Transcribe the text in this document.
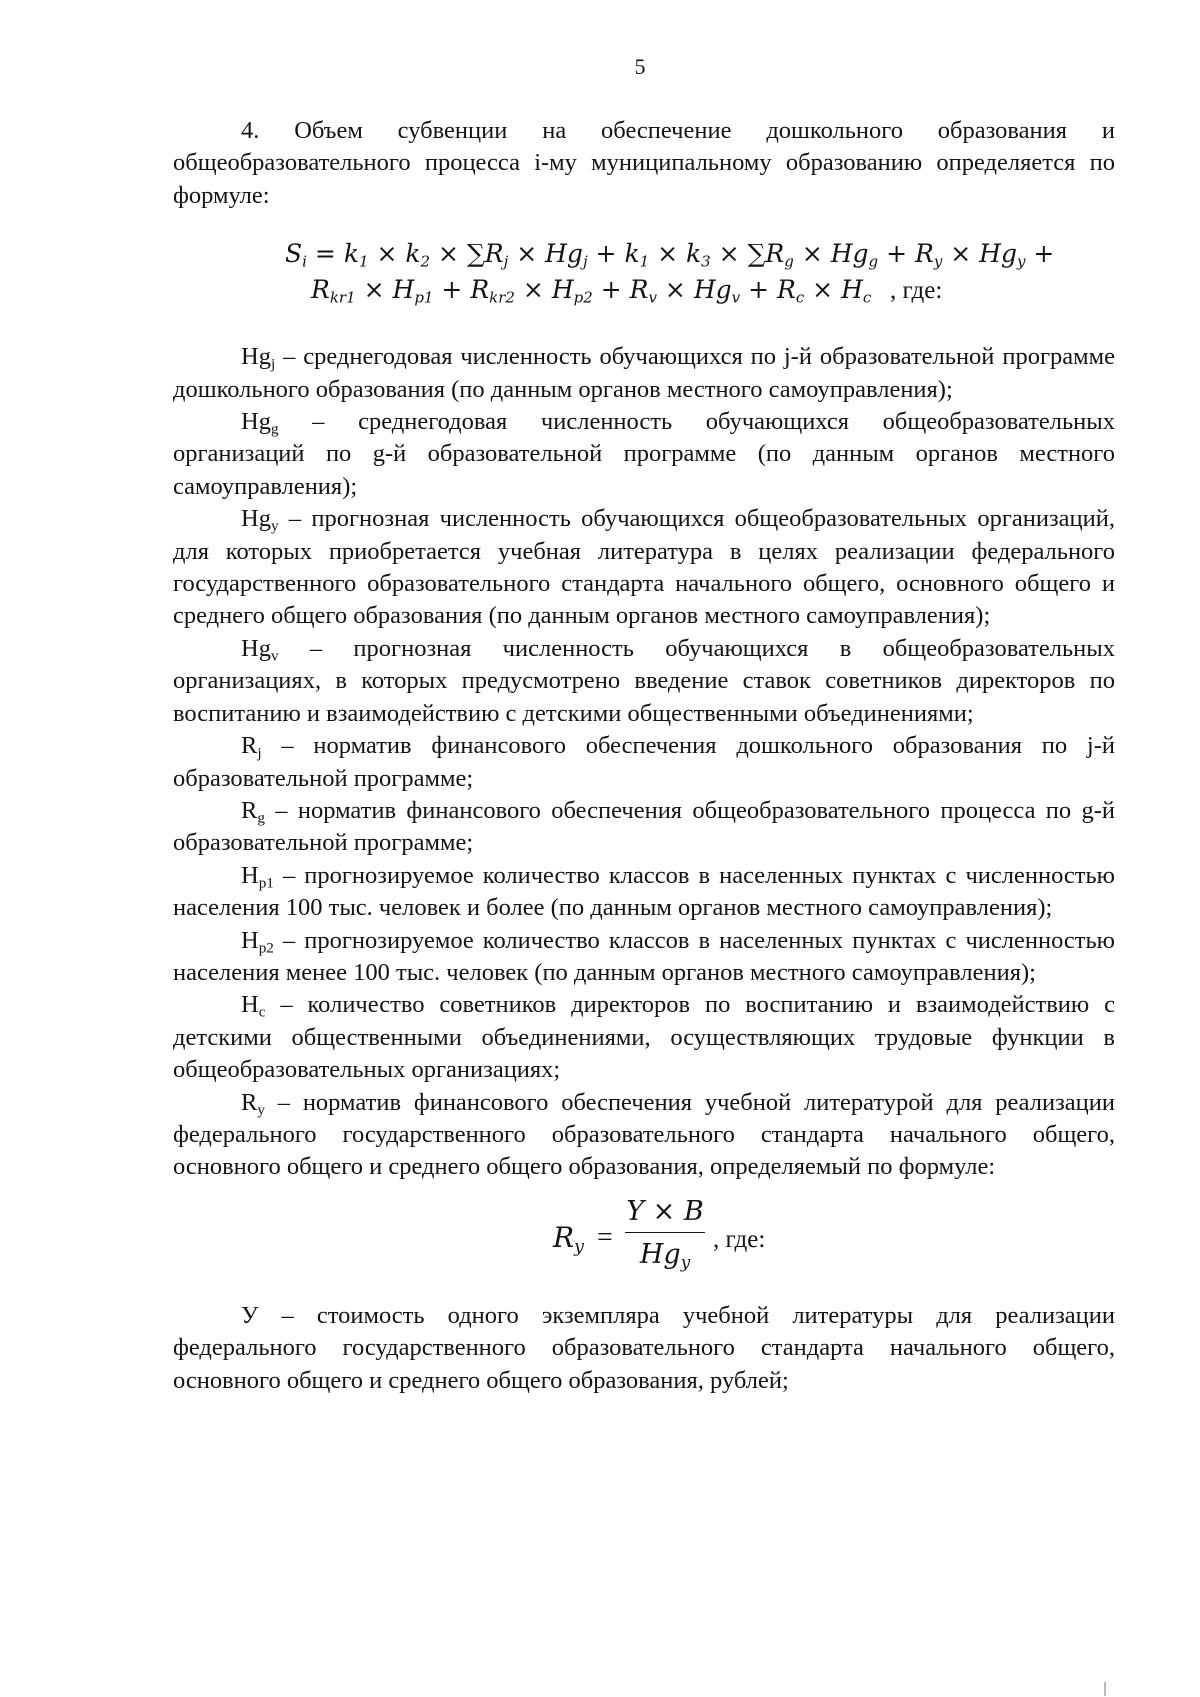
5

4. Объем субвенции на обеспечение дошкольного образования и общеобразовательного процесса i-му муниципальному образованию определяется по формуле:

$S_i = k_1 \times k_2 \times \sum R_j \times Hg_j + k_1 \times k_3 \times \sum R_g \times Hg_g + R_y \times Hg_y$ +
$R_{kr1} \times H_{p1} + R_{kr2} \times H_{p2} + R_v \times Hg_v + R_c \times H_c$   , где:

$Hg_j$ – среднегодовая численность обучающихся по j-й образовательной программе дошкольного образования (по данным органов местного самоуправления);

$Hg_g$ – среднегодовая численность обучающихся общеобразовательных организаций по g-й образовательной программе (по данным органов местного самоуправления);

$Hg_y$ – прогнозная численность обучающихся общеобразовательных организаций, для которых приобретается учебная литература в целях реализации федерального государственного образовательного стандарта начального общего, основного общего и среднего общего образования (по данным органов местного самоуправления);

$Hg_v$ – прогнозная численность обучающихся в общеобразовательных организациях, в которых предусмотрено введение ставок советников директоров по воспитанию и взаимодействию с детскими общественными объединениями;

$R_j$ – норматив финансового обеспечения дошкольного образования по j-й образовательной программе;

$R_g$ – норматив финансового обеспечения общеобразовательного процесса по g-й образовательной программе;

$H_{p1}$ – прогнозируемое количество классов в населенных пунктах с численностью населения 100 тыс. человек и более (по данным органов местного самоуправления);

$H_{p2}$ – прогнозируемое количество классов в населенных пунктах с численностью населения менее 100 тыс. человек (по данным органов местного самоуправления);

$H_c$ – количество советников директоров по воспитанию и взаимодействию с детскими общественными объединениями, осуществляющих трудовые функции в общеобразовательных организациях;

$R_y$ – норматив финансового обеспечения учебной литературой для реализации федерального государственного образовательного стандарта начального общего, основного общего и среднего общего образования, определяемый по формуле:

$R_y$ =
Y × B
$Hg_y$
, где:

У – стоимость одного экземпляра учебной литературы для реализации федерального государственного образовательного стандарта начального общего, основного общего и среднего общего образования, рублей;
